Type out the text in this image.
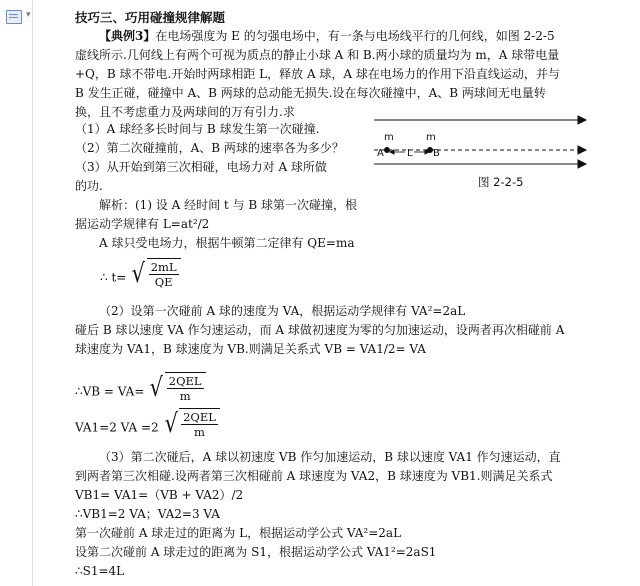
▾	技巧三、巧用碰撞规律解题

【典例3】在电场强度为 E 的匀强电场中，有一条与电场线平行的几何线，如图 2-2-5 虚线所示.几何线上有两个可视为质点的静止小球 A 和 B.两小球的质量均为 m，A 球带电量+Q，B 球不带电.开始时两球相距 L，释放 A 球，A 球在电场力的作用下沿直线运动，并与 B 发生正碰，碰撞中 A、B 两球的总动能无损失.设在每次碰撞中，A、B 两球间无电量转换，且不考虑重力及两球间的万有引力.求

（1）A 球经多长时间与 B 球发生第一次碰撞.
（2）第二次碰撞前，A、B 两球的速率各为多少？
（3）从开始到第三次相碰，电场力对 A 球所做
的功.
m	m
A	B
L
图 2-2-5
解析：(1) 设 A 经时间 t 与 B 球第一次碰撞，根
据运动学规律有 L=at²/2
A 球只受电场力，根据牛顿第二定律有 QE=ma
∴ t= √ $\frac{2mL}{QE}$
（2）设第一次碰前 A 球的速度为 VA，根据运动学规律有 VA²=2aL
碰后 B 球以速度 VA 作匀速运动，而 A 球做初速度为零的匀加速运动，设两者再次相碰前 A 球速度为 VA1，B 球速度为 VB.则满足关系式 VB = VA1/2= VA
∴VB = VA= √ $\frac{\text{2QEL}}{m}$
VA1=2 VA =2 √ $\frac{\text{2QEL}}{m}$
（3）第二次碰后，A 球以初速度 VB 作匀加速运动，B 球以速度 VA1 作匀速运动，直到两者第三次相碰.设两者第三次相碰前 A 球速度为 VA2，B 球速度为 VB1.则满足关系式 VB1= VA1=（VB + VA2）/2
∴VB1=2 VA；VA2=3 VA
第一次碰前 A 球走过的距离为 L，根据运动学公式 VA²=2aL
设第二次碰前 A 球走过的距离为 S1，根据运动学公式 VA1²=2aS1
∴S1=4L
